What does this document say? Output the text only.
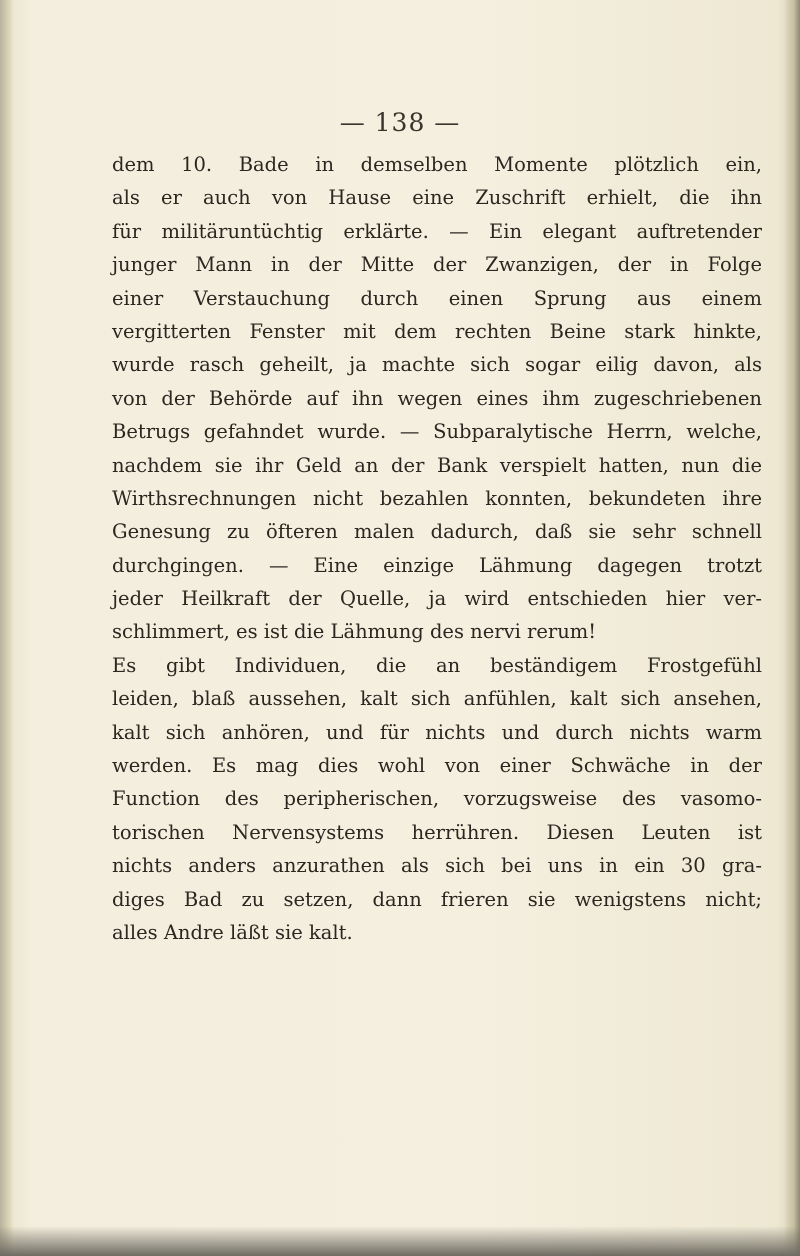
— 138 —
dem 10. Bade in demselben Momente plötzlich ein,
als er auch von Hause eine Zuschrift erhielt, die ihn
für militäruntüchtig erklärte. — Ein elegant auftretender
junger Mann in der Mitte der Zwanzigen, der in Folge
einer Verstauchung durch einen Sprung aus einem
vergitterten Fenster mit dem rechten Beine stark hinkte,
wurde rasch geheilt, ja machte sich sogar eilig davon, als
von der Behörde auf ihn wegen eines ihm zugeschriebenen
Betrugs gefahndet wurde. — Subparalytische Herrn, welche,
nachdem sie ihr Geld an der Bank verspielt hatten, nun die
Wirthsrechnungen nicht bezahlen konnten, bekundeten ihre
Genesung zu öfteren malen dadurch, daß sie sehr schnell
durchgingen. — Eine einzige Lähmung dagegen trotzt
jeder Heilkraft der Quelle, ja wird entschieden hier ver-
schlimmert, es ist die Lähmung des nervi rerum!
Es gibt Individuen, die an beständigem Frostgefühl
leiden, blaß aussehen, kalt sich anfühlen, kalt sich ansehen,
kalt sich anhören, und für nichts und durch nichts warm
werden. Es mag dies wohl von einer Schwäche in der
Function des peripherischen, vorzugsweise des vasomo-
torischen Nervensystems herrühren. Diesen Leuten ist
nichts anders anzurathen als sich bei uns in ein 30 gra-
diges Bad zu setzen, dann frieren sie wenigstens nicht;
alles Andre läßt sie kalt.
